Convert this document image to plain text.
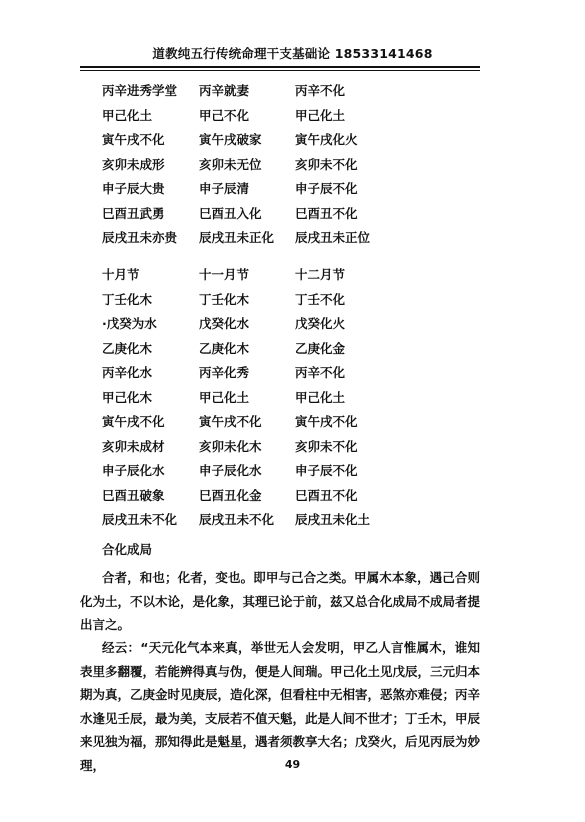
道教纯五行传统命理干支基础论 18533141468
丙辛进秀学堂	丙辛就妻	丙辛不化
甲己化土	甲己不化	甲己化土
寅午戌不化	寅午戌破家	寅午戌化火
亥卯未成形	亥卯未无位	亥卯未不化
申子辰大贵	申子辰清	申子辰不化
巳酉丑武勇	巳酉丑入化	巳酉丑不化
辰戌丑未亦贵	辰戌丑未正化	辰戌丑未正位
十月节	十一月节	十二月节
丁壬化木	丁壬化木	丁壬不化
·戊癸为水	戊癸化水	戊癸化火
乙庚化木	乙庚化木	乙庚化金
丙辛化水	丙辛化秀	丙辛不化
甲己化木	甲己化土	甲己化土
寅午戌不化	寅午戌不化	寅午戌不化
亥卯未成材	亥卯未化木	亥卯未不化
申子辰化水	申子辰化水	申子辰不化
巳酉丑破象	巳酉丑化金	巳酉丑不化
辰戌丑未不化	辰戌丑未不化	辰戌丑未化土
合化成局
合者，和也；化者，变也。即甲与己合之类。甲属木本象，遇己合则化为土，不以木论，是化象，其理已论于前，兹又总合化成局不成局者提出言之。
经云：“天元化气本来真，举世无人会发明，甲乙人言惟属木，谁知表里多翻覆，若能辨得真与伪，便是人间瑞。甲己化土见戊辰，三元归本期为真，乙庚金时见庚辰，造化深，但看柱中无相害，恶煞亦难侵；丙辛水逢见壬辰，最为美，支辰若不值天魁，此是人间不世才；丁壬木，甲辰来见独为福，那知得此是魁星，遇者须教享大名；戊癸火，后见丙辰为妙理，	49
